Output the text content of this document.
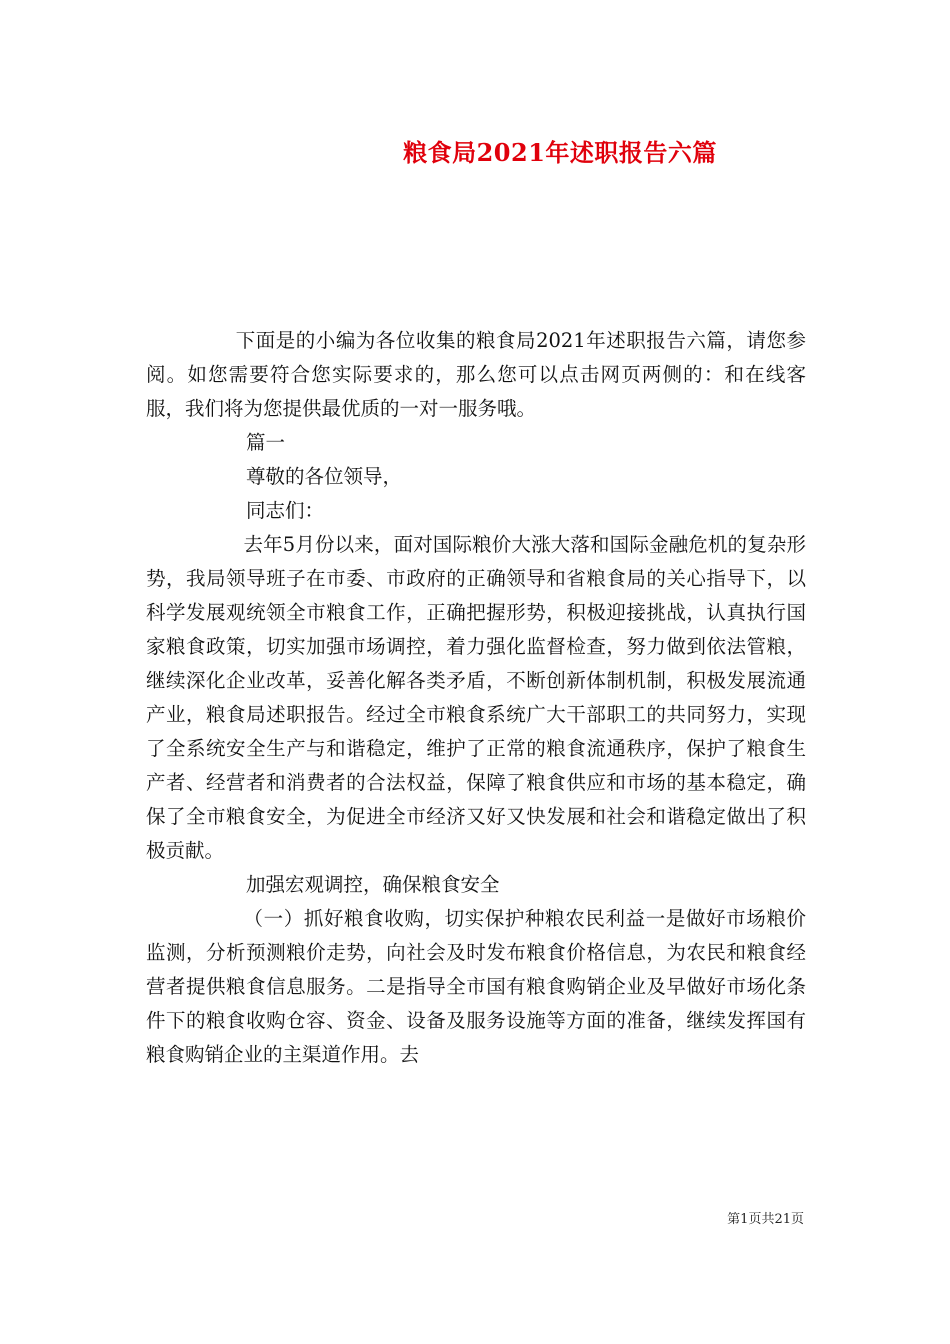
粮食局2021年述职报告六篇

下面是的小编为各位收集的粮食局2021年述职报告六篇，请您参阅。如您需要符合您实际要求的，那么您可以点击网页两侧的：和在线客服，我们将为您提供最优质的一对一服务哦。

篇一

尊敬的各位领导，

同志们：

去年5月份以来，面对国际粮价大涨大落和国际金融危机的复杂形势，我局领导班子在市委、市政府的正确领导和省粮食局的关心指导下，以科学发展观统领全市粮食工作，正确把握形势，积极迎接挑战，认真执行国家粮食政策，切实加强市场调控，着力强化监督检查，努力做到依法管粮，继续深化企业改革，妥善化解各类矛盾，不断创新体制机制，积极发展流通产业，粮食局述职报告。经过全市粮食系统广大干部职工的共同努力，实现了全系统安全生产与和谐稳定，维护了正常的粮食流通秩序，保护了粮食生产者、经营者和消费者的合法权益，保障了粮食供应和市场的基本稳定，确保了全市粮食安全，为促进全市经济又好又快发展和社会和谐稳定做出了积极贡献。

加强宏观调控，确保粮食安全

（一）抓好粮食收购，切实保护种粮农民利益一是做好市场粮价监测，分析预测粮价走势，向社会及时发布粮食价格信息，为农民和粮食经营者提供粮食信息服务。二是指导全市国有粮食购销企业及早做好市场化条件下的粮食收购仓容、资金、设备及服务设施等方面的准备，继续发挥国有粮食购销企业的主渠道作用。去

第1页共21页
